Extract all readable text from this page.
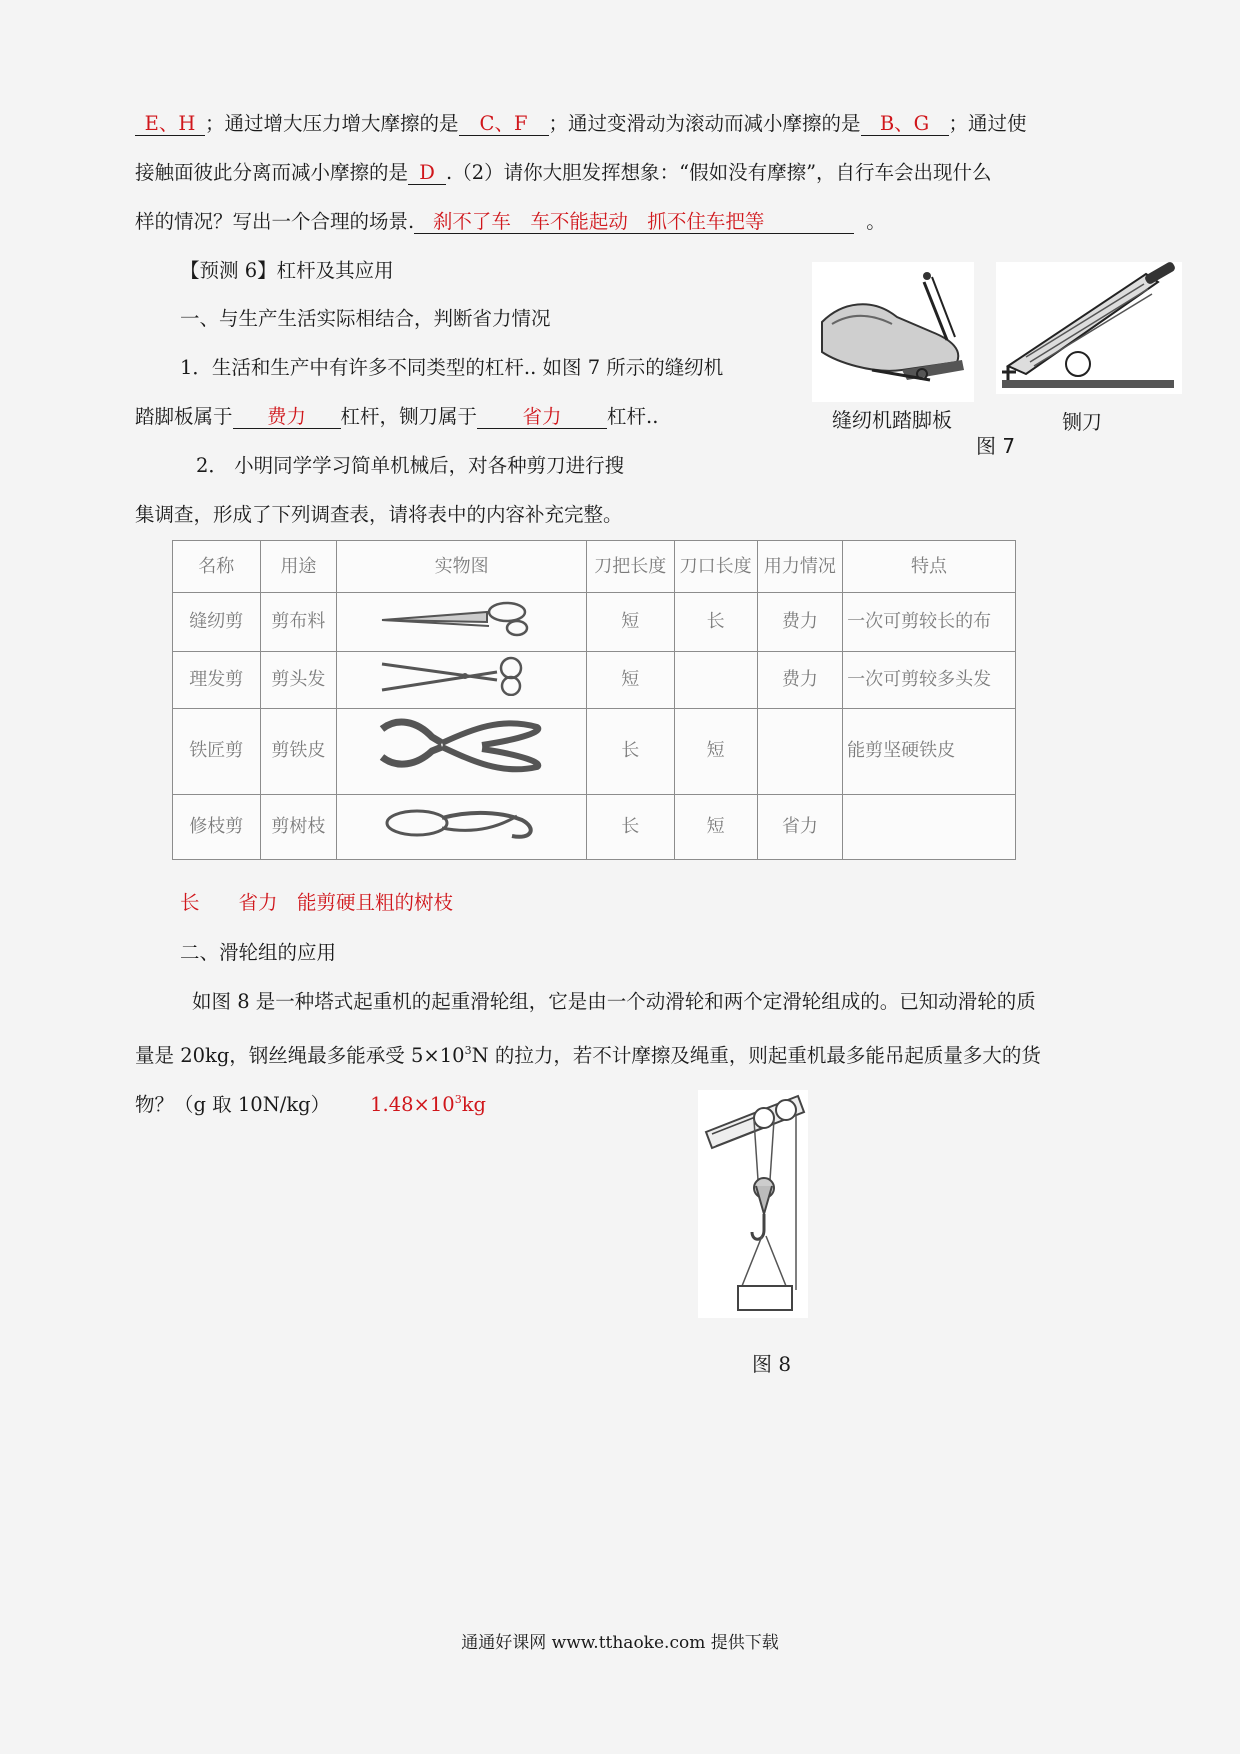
E、H ；通过增大压力增大摩擦的是 C、F ；通过变滑动为滚动而减小摩擦的是 B、G ；通过使
接触面彼此分离而减小摩擦的是 D .（2）请你大胆发挥想象：“假如没有摩擦”，自行车会出现什么
样的情况？写出一个合理的场景. 刹不了车　车不能起动　抓不住车把等	。
【预测 6】杠杆及其应用
一、与生产生活实际相结合，判断省力情况
1．生活和生产中有许多不同类型的杠杆.. 如图 7 所示的缝纫机
踏脚板属于 费力 杠杆，铡刀属于 省力 杠杆..
2． 小明同学学习简单机械后，对各种剪刀进行搜
集调查，形成了下列调查表，请将表中的内容补充完整。
缝纫机踏脚板	铡刀
图 7
名称	用途	实物图	刀把长度	刀口长度	用力情况	特点
缝纫剪	剪布料		短	长	费力	一次可剪较长的布
理发剪	剪头发		短		费力	一次可剪较多头发
铁匠剪	剪铁皮		长	短		能剪坚硬铁皮
修枝剪	剪树枝		长	短	省力	
长　　省力　能剪硬且粗的树枝
二、滑轮组的应用
如图 8 是一种塔式起重机的起重滑轮组，它是由一个动滑轮和两个定滑轮组成的。已知动滑轮的质
量是 20kg，钢丝绳最多能承受 $5\times 10^3N$ 的拉力，若不计摩擦及绳重，则起重机最多能吊起质量多大的货
物？（g 取 10N/kg） $1.48\times 10^3kg$
图 8
通通好课网 www.tthaoke.com 提供下载
